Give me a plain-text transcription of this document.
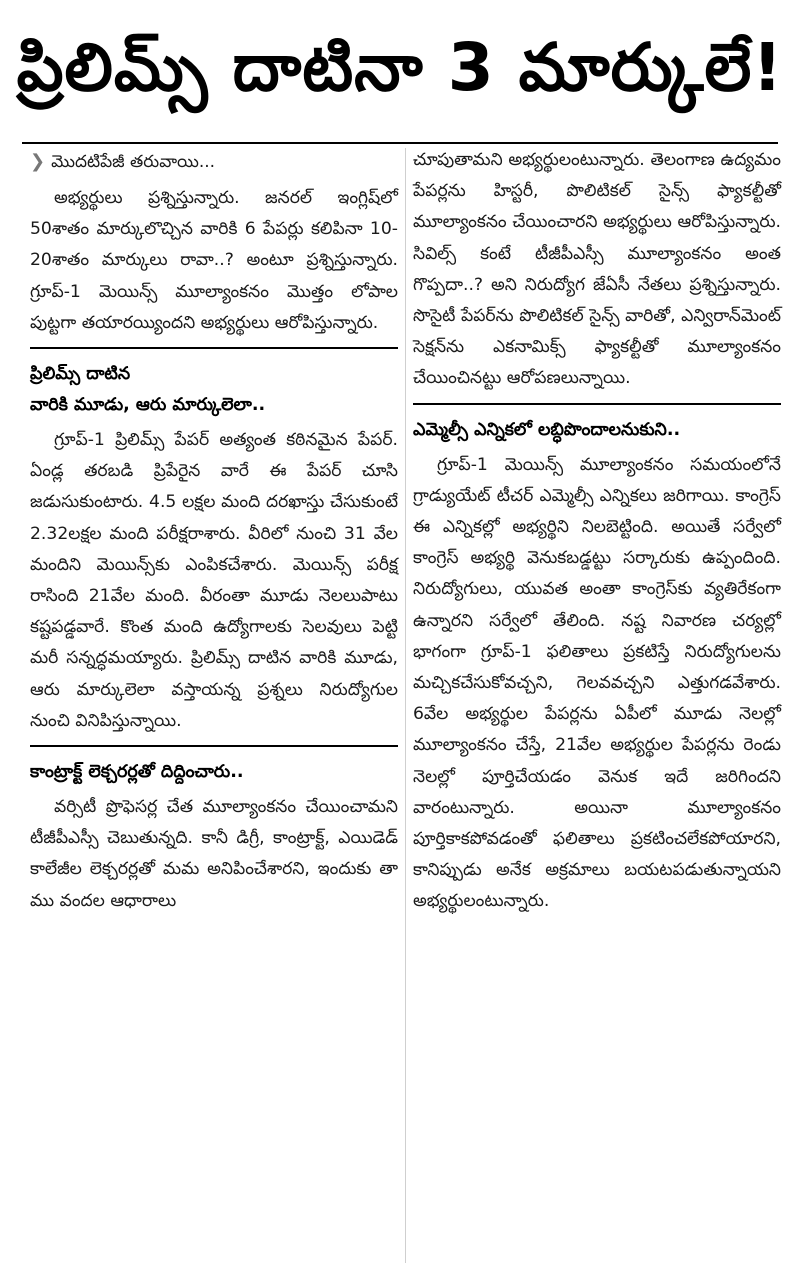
ప్రిలిమ్స్ దాటినా 3 మార్కులే!
❯ మొదటిపేజీ తరువాయి...

అభ్యర్థులు ప్రశ్నిస్తున్నారు. జనరల్ ఇంగ్లిష్‌లో 50శాతం మార్కులొచ్చిన వారికి 6 పేపర్లు కలిపినా 10-20శాతం మార్కులు రావా..? అంటూ ప్రశ్నిస్తున్నారు. గ్రూప్-1 మెయిన్స్ మూల్యాంకనం మొత్తం లోపాల పుట్టగా తయారయ్యిందని అభ్యర్థులు ఆరోపిస్తున్నారు.

ప్రిలిమ్స్ దాటిన
వారికి మూడు, ఆరు మార్కులెలా..

గ్రూప్-1 ప్రిలిమ్స్ పేపర్ అత్యంత కఠినమైన పేపర్. ఏండ్ల తరబడి ప్రిపేరైన వారే ఈ పేపర్ చూసి జడుసుకుంటారు. 4.5 లక్షల మంది దరఖాస్తు చేసుకుంటే 2.32లక్షల మంది పరీక్షరాశారు. వీరిలో నుంచి 31 వేల మందిని మెయిన్స్‌కు ఎంపికచేశారు. మెయిన్స్ పరీక్ష రాసింది 21వేల మంది. వీరంతా మూడు నెలలుపాటు కష్టపడ్డవారే. కొంత మంది ఉద్యోగాలకు సెలవులు పెట్టి మరీ సన్నద్ధమయ్యారు. ప్రిలిమ్స్ దాటిన వారికి మూడు, ఆరు మార్కులెలా వస్తాయన్న ప్రశ్నలు నిరుద్యోగుల నుంచి వినిపిస్తున్నాయి.

కాంట్రాక్ట్ లెక్చరర్లతో దిద్దించారు..

వర్సిటీ ప్రొఫెసర్ల చేత మూల్యాంకనం చేయించామని టీజీపీఎస్సీ చెబుతున్నది. కానీ డిగ్రీ, కాంట్రాక్ట్, ఎయిడెడ్ కాలేజీల లెక్చరర్లతో మమ అనిపించేశారని, ఇందుకు తా ము వందల ఆధారాలు

చూపుతామని అభ్యర్థులంటున్నారు. తెలంగాణ ఉద్యమం పేపర్లను హిస్టరీ, పొలిటికల్ సైన్స్ ఫ్యాకల్టీతో మూల్యాంకనం చేయించారని అభ్యర్థులు ఆరోపిస్తున్నారు. సివిల్స్ కంటే టీజీపీఎస్సీ మూల్యాంకనం అంత గొప్పదా..? అని నిరుద్యోగ జేఏసీ నేతలు ప్రశ్నిస్తున్నారు. సొసైటీ పేపర్‌ను పొలిటికల్ సైన్స్ వారితో, ఎన్విరాన్‌మెంట్ సెక్షన్‌ను ఎకనామిక్స్ ఫ్యాకల్టీతో మూల్యాంకనం చేయించినట్టు ఆరోపణలున్నాయి.

ఎమ్మెల్సీ ఎన్నికలో లబ్ధిపొందాలనుకుని..

గ్రూప్-1 మెయిన్స్ మూల్యాంకనం సమయంలోనే గ్రాడ్యుయేట్ టీచర్ ఎమ్మెల్సీ ఎన్నికలు జరిగాయి. కాంగ్రెస్ ఈ ఎన్నికల్లో అభ్యర్థిని నిలబెట్టింది. అయితే సర్వేలో కాంగ్రెస్ అభ్యర్థి వెనుకబడ్డట్టు సర్కారుకు ఉప్పందింది. నిరుద్యోగులు, యువత అంతా కాంగ్రెస్‌కు వ్యతిరేకంగా ఉన్నారని సర్వేలో తేలింది. నష్ట నివారణ చర్యల్లో భాగంగా గ్రూప్-1 ఫలితాలు ప్రకటిస్తే నిరుద్యోగులను మచ్చికచేసుకోవచ్చని, గెలవవచ్చని ఎత్తుగడవేశారు. 6వేల అభ్యర్థుల పేపర్లను ఏపీలో మూడు నెలల్లో మూల్యాంకనం చేస్తే, 21వేల అభ్యర్థుల పేపర్లను రెండు నెలల్లో పూర్తిచేయడం వెనుక ఇదే జరిగిందని వారంటున్నారు. అయినా మూల్యాంకనం పూర్తికాకపోవడంతో ఫలితాలు ప్రకటించలేకపోయారని, కానిప్పుడు అనేక అక్రమాలు బయటపడుతున్నాయని అభ్యర్థులంటున్నారు.
